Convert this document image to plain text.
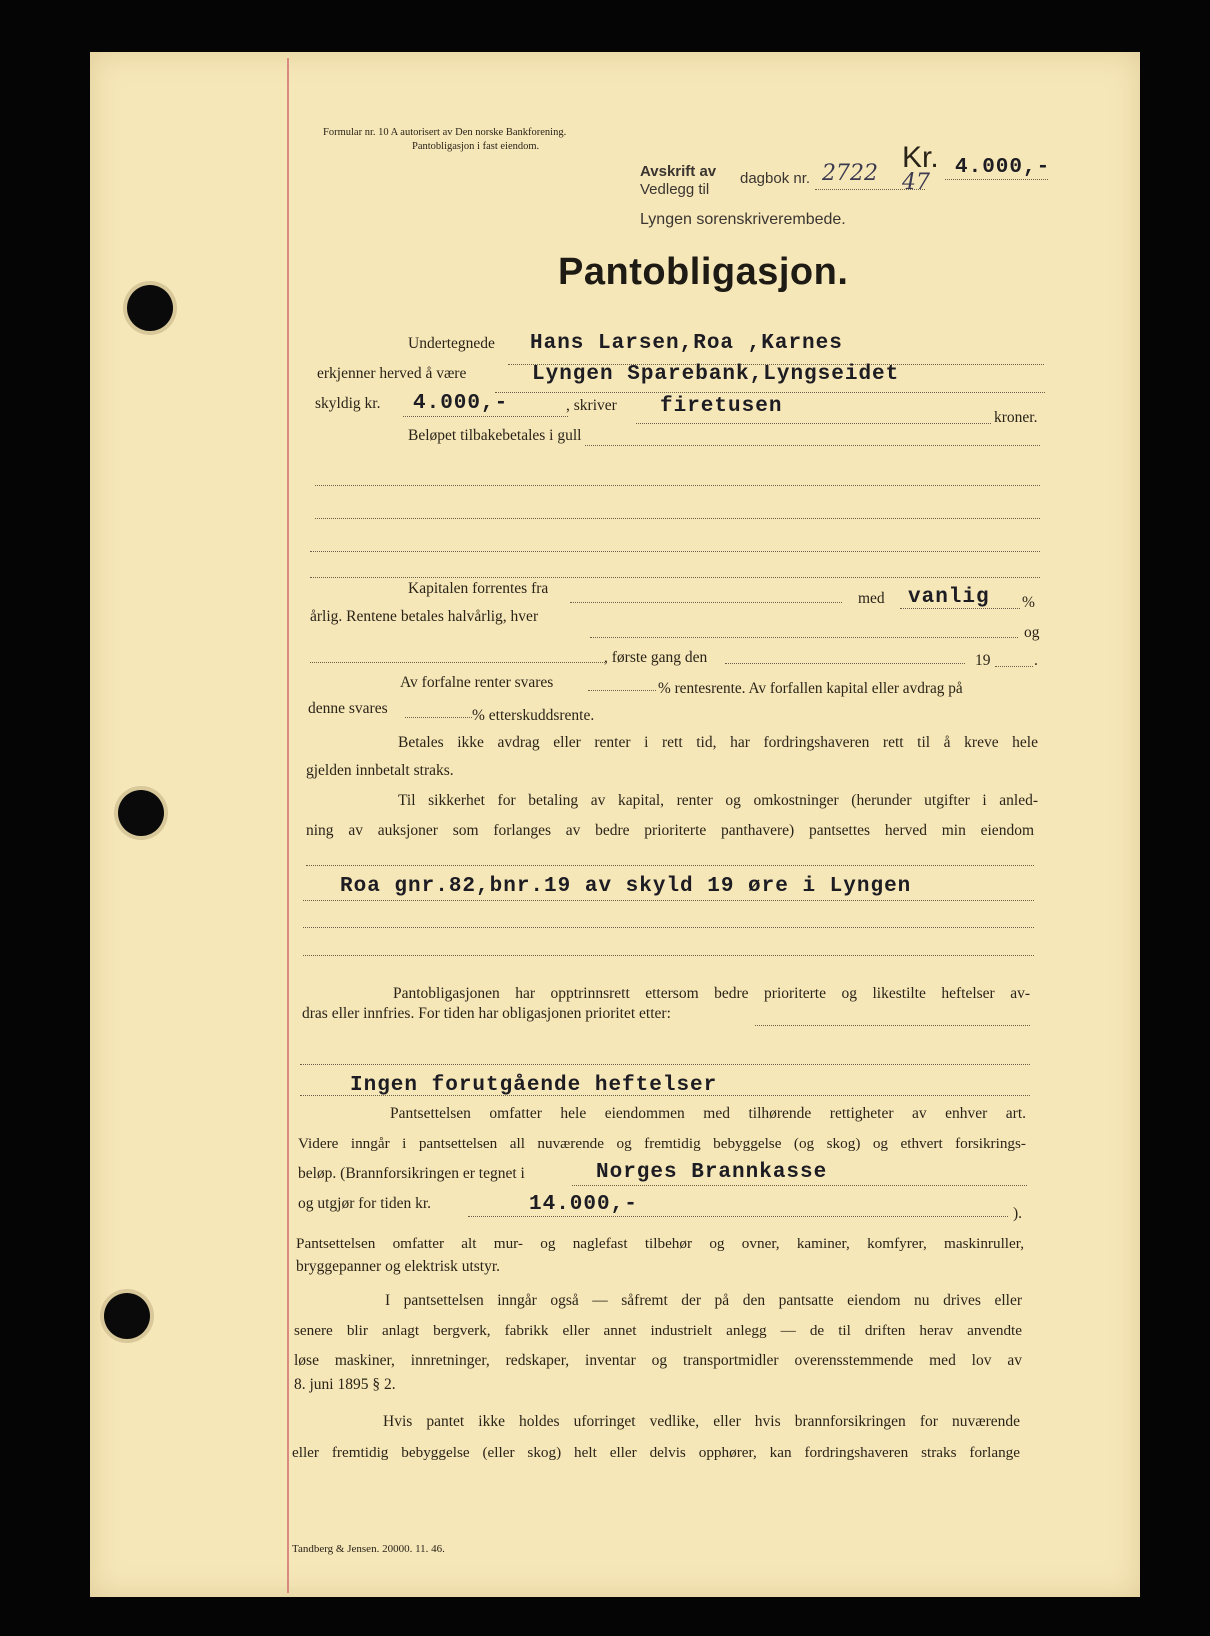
Formular nr. 10 A autorisert av Den norske Bankforening.
Pantobligasjon i fast eiendom.	Kr. 4.000,-
Avskrift av
Vedlegg til
dagbok nr. 2722 47
Lyngen sorenskriverembede.
Pantobligasjon.
Undertegnede Hans Larsen,Roa ,Karnes
erkjenner herved å være	Lyngen Sparebank,Lyngseidet
skyldig kr. 4.000,-	, skriver firetusen	kroner.
Beløpet tilbakebetales i gull
Kapitalen forrentes fra
med vanlig %
årlig. Rentene betales halvårlig, hver
og
, første gang den	19	.
Av forfalne renter svares	% rentesrente. Av forfallen kapital eller avdrag på
denne svares	% etterskuddsrente.
Betales ikke avdrag eller renter i rett tid, har fordringshaveren rett til å kreve hele
gjelden innbetalt straks.
Til sikkerhet for betaling av kapital, renter og omkostninger (herunder utgifter i anled-
ning av auksjoner som forlanges av bedre prioriterte panthavere) pantsettes herved min eiendom
Roa gnr.82,bnr.19 av skyld 19 øre i Lyngen
Pantobligasjonen har opptrinnsrett ettersom bedre prioriterte og likestilte heftelser av-
dras eller innfries. For tiden har obligasjonen prioritet etter:
Ingen forutgående heftelser
Pantsettelsen omfatter hele eiendommen med tilhørende rettigheter av enhver art.
Videre inngår i pantsettelsen all nuværende og fremtidig bebyggelse (og skog) og ethvert forsikrings-
beløp. (Brannforsikringen er tegnet i	Norges Brannkasse
og utgjør for tiden kr.	14.000,-	).
Pantsettelsen omfatter alt mur- og naglefast tilbehør og ovner, kaminer, komfyrer, maskinruller,
bryggepanner og elektrisk utstyr.
I pantsettelsen inngår også — såfremt der på den pantsatte eiendom nu drives eller
senere blir anlagt bergverk, fabrikk eller annet industrielt anlegg — de til driften herav anvendte
løse maskiner, innretninger, redskaper, inventar og transportmidler overensstemmende med lov av
8. juni 1895 § 2.
Hvis pantet ikke holdes uforringet vedlike, eller hvis brannforsikringen for nuværende
eller fremtidig bebyggelse (eller skog) helt eller delvis opphører, kan fordringshaveren straks forlange
Tandberg & Jensen. 20000. 11. 46.
